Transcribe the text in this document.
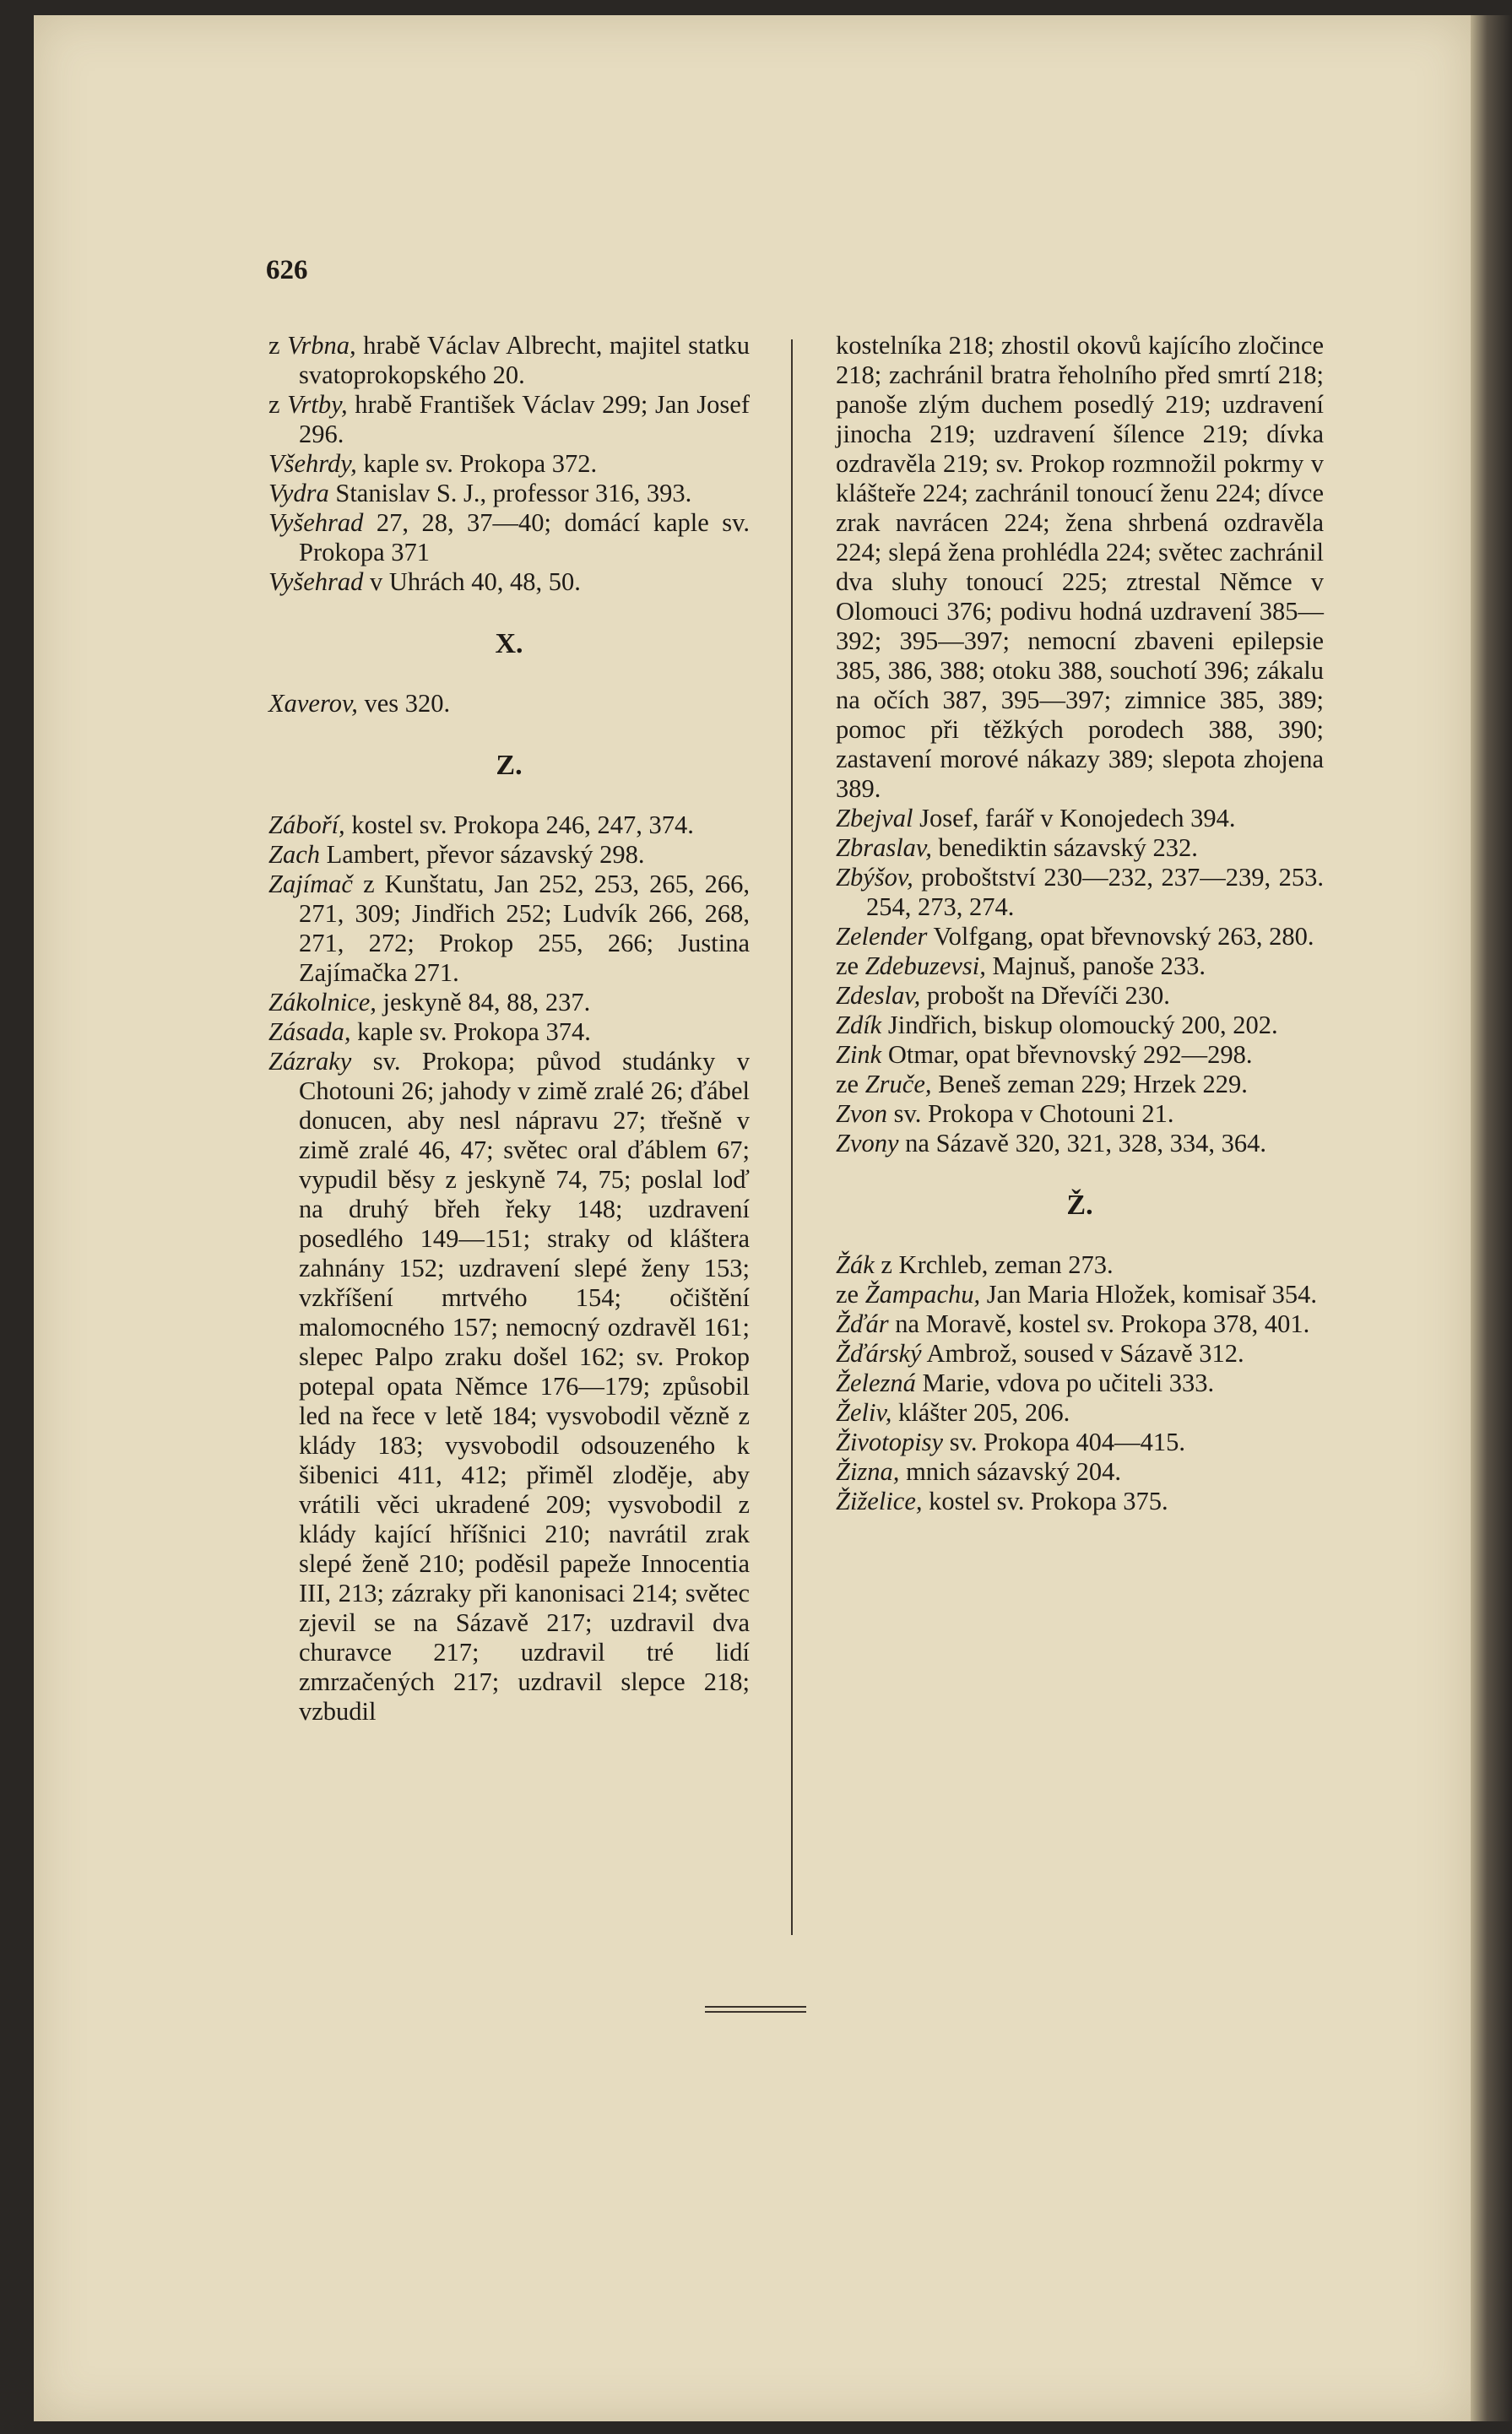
626

z Vrbna, hrabě Václav Albrecht, majitel statku svatoprokopského 20.

z Vrtby, hrabě František Václav 299; Jan Josef 296.

Všehrdy, kaple sv. Prokopa 372.

Vydra Stanislav S. J., professor 316, 393.

Vyšehrad 27, 28, 37—40; domácí kaple sv. Prokopa 371

Vyšehrad v Uhrách 40, 48, 50.

X.

Xaverov, ves 320.

Z.

Záboří, kostel sv. Prokopa 246, 247, 374.

Zach Lambert, převor sázavský 298.

Zajímač z Kunštatu, Jan 252, 253, 265, 266, 271, 309; Jindřich 252; Ludvík 266, 268, 271, 272; Prokop 255, 266; Justina Zajímačka 271.

Zákolnice, jeskyně 84, 88, 237.

Zásada, kaple sv. Prokopa 374.

Zázraky sv. Prokopa; původ studánky v Chotouni 26; jahody v zimě zralé 26; ďábel donucen, aby nesl nápravu 27; třešně v zimě zralé 46, 47; světec oral ďáblem 67; vypudil běsy z jeskyně 74, 75; poslal loď na druhý břeh řeky 148; uzdravení posedlého 149—151; straky od kláštera zahnány 152; uzdravení slepé ženy 153; vzkříšení mrtvého 154; očištění malomocného 157; nemocný ozdravěl 161; slepec Palpo zraku došel 162; sv. Prokop potepal opata Němce 176—179; způsobil led na řece v letě 184; vysvobodil vězně z klády 183; vysvobodil odsouzeného k šibenici 411, 412; přiměl zloděje, aby vrátili věci ukradené 209; vysvobodil z klády kající hříšnici 210; navrátil zrak slepé ženě 210; poděsil papeže Innocentia III, 213; zázraky při kanonisaci 214; světec zjevil se na Sázavě 217; uzdravil dva churavce 217; uzdravil tré lidí zmrzačených 217; uzdravil slepce 218; vzbudil

kostelníka 218; zhostil okovů kajícího zločince 218; zachránil bratra řeholního před smrtí 218; panoše zlým duchem posedlý 219; uzdravení jinocha 219; uzdravení šílence 219; dívka ozdravěla 219; sv. Prokop rozmnožil pokrmy v klášteře 224; zachránil tonoucí ženu 224; dívce zrak navrácen 224; žena shrbená ozdravěla 224; slepá žena prohlédla 224; světec zachránil dva sluhy tonoucí 225; ztrestal Němce v Olomouci 376; podivu hodná uzdravení 385—392; 395—397; nemocní zbaveni epilepsie 385, 386, 388; otoku 388, souchotí 396; zákalu na očích 387, 395—397; zimnice 385, 389; pomoc při těžkých porodech 388, 390; zastavení morové nákazy 389; slepota zhojena 389.

Zbejval Josef, farář v Konojedech 394.

Zbraslav, benediktin sázavský 232.

Zbýšov, proboštství 230—232, 237—239, 253. 254, 273, 274.

Zelender Volfgang, opat břevnovský 263, 280.

ze Zdebuzevsi, Majnuš, panoše 233.

Zdeslav, probošt na Dřevíči 230.

Zdík Jindřich, biskup olomoucký 200, 202.

Zink Otmar, opat břevnovský 292—298.

ze Zruče, Beneš zeman 229; Hrzek 229.

Zvon sv. Prokopa v Chotouni 21.

Zvony na Sázavě 320, 321, 328, 334, 364.

Ž.

Žák z Krchleb, zeman 273.

ze Žampachu, Jan Maria Hložek, komisař 354.

Žďár na Moravě, kostel sv. Prokopa 378, 401.

Žďárský Ambrož, soused v Sázavě 312.

Železná Marie, vdova po učiteli 333.

Želiv, klášter 205, 206.

Životopisy sv. Prokopa 404—415.

Žizna, mnich sázavský 204.

Žiželice, kostel sv. Prokopa 375.
